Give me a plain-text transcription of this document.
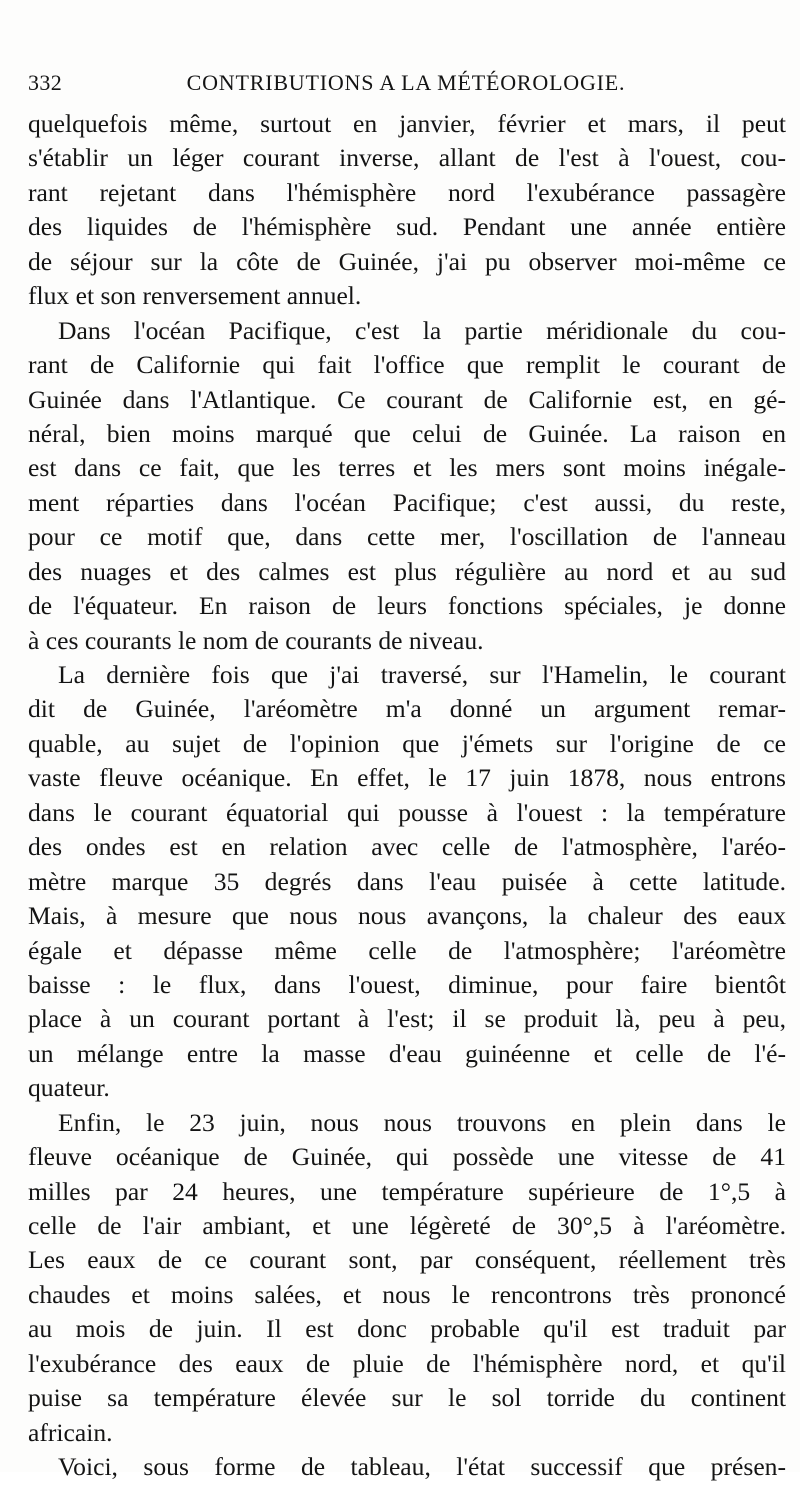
332	CONTRIBUTIONS A LA MÉTÉOROLOGIE.
quelquefois même, surtout en janvier, février et mars, il peut
s'établir un léger courant inverse, allant de l'est à l'ouest, cou-
rant rejetant dans l'hémisphère nord l'exubérance passagère
des liquides de l'hémisphère sud. Pendant une année entière
de séjour sur la côte de Guinée, j'ai pu observer moi-même ce
flux et son renversement annuel.
Dans l'océan Pacifique, c'est la partie méridionale du cou-
rant de Californie qui fait l'office que remplit le courant de
Guinée dans l'Atlantique. Ce courant de Californie est, en gé-
néral, bien moins marqué que celui de Guinée. La raison en
est dans ce fait, que les terres et les mers sont moins inégale-
ment réparties dans l'océan Pacifique; c'est aussi, du reste,
pour ce motif que, dans cette mer, l'oscillation de l'anneau
des nuages et des calmes est plus régulière au nord et au sud
de l'équateur. En raison de leurs fonctions spéciales, je donne
à ces courants le nom de courants de niveau.
La dernière fois que j'ai traversé, sur l'Hamelin, le courant
dit de Guinée, l'aréomètre m'a donné un argument remar-
quable, au sujet de l'opinion que j'émets sur l'origine de ce
vaste fleuve océanique. En effet, le 17 juin 1878, nous entrons
dans le courant équatorial qui pousse à l'ouest : la température
des ondes est en relation avec celle de l'atmosphère, l'aréo-
mètre marque 35 degrés dans l'eau puisée à cette latitude.
Mais, à mesure que nous nous avançons, la chaleur des eaux
égale et dépasse même celle de l'atmosphère; l'aréomètre
baisse : le flux, dans l'ouest, diminue, pour faire bientôt
place à un courant portant à l'est; il se produit là, peu à peu,
un mélange entre la masse d'eau guinéenne et celle de l'é-
quateur.
Enfin, le 23 juin, nous nous trouvons en plein dans le
fleuve océanique de Guinée, qui possède une vitesse de 41
milles par 24 heures, une température supérieure de 1°,5 à
celle de l'air ambiant, et une légèreté de 30°,5 à l'aréomètre.
Les eaux de ce courant sont, par conséquent, réellement très
chaudes et moins salées, et nous le rencontrons très prononcé
au mois de juin. Il est donc probable qu'il est traduit par
l'exubérance des eaux de pluie de l'hémisphère nord, et qu'il
puise sa température élevée sur le sol torride du continent
africain.
Voici, sous forme de tableau, l'état successif que présen-
